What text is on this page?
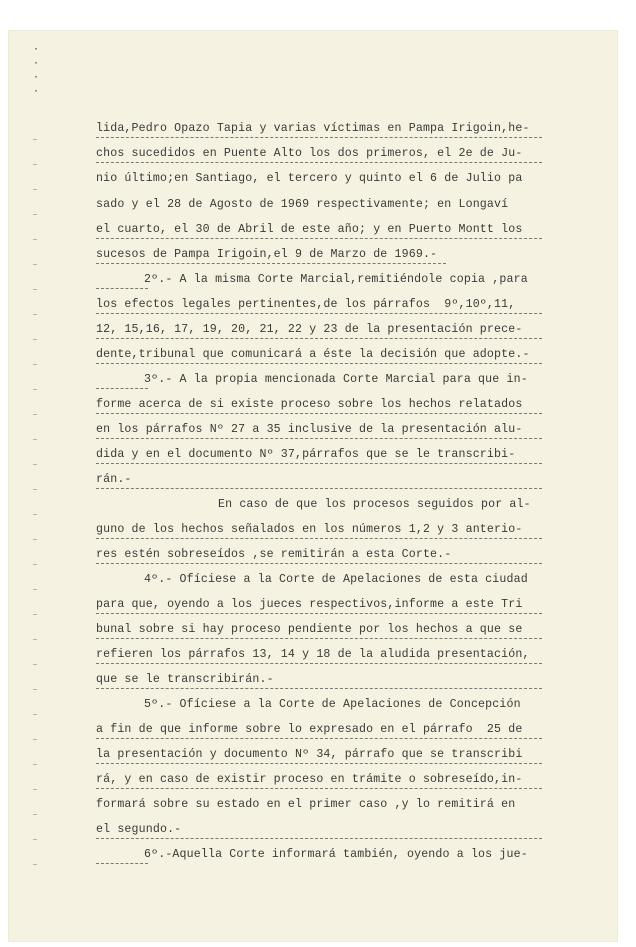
·
·
·
·
lida,Pedro Opazo Tapia y varias víctimas en Pampa Irigoin,he-
chos sucedidos en Puente Alto los dos primeros, el 2e de Ju-
nio último;en Santiago, el tercero y quinto el 6 de Julio pa
sado y el 28 de Agosto de 1969 respectivamente; en Longaví
el cuarto, el 30 de Abril de este año; y en Puerto Montt los
sucesos de Pampa Irigoin,el 9 de Marzo de 1969.-
2º.- A la misma Corte Marcial,remitiéndole copia ,para
los efectos legales pertinentes,de los párrafos  9º,10º,11,
12, 15,16, 17, 19, 20, 21, 22 y 23 de la presentación prece-
dente,tribunal que comunicará a éste la decisión que adopte.-
3º.- A la propia mencionada Corte Marcial para que in-
forme acerca de si existe proceso sobre los hechos relatados
en los párrafos Nº 27 a 35 inclusive de la presentación alu-
dida y en el documento Nº 37,párrafos que se le transcribi-
rán.-
En caso de que los procesos seguidos por al-
guno de los hechos señalados en los números 1,2 y 3 anterio-
res estén sobreseídos ,se remitirán a esta Corte.-
4º.- Ofíciese a la Corte de Apelaciones de esta ciudad
para que, oyendo a los jueces respectivos,informe a este Tri
bunal sobre si hay proceso pendiente por los hechos a que se
refieren los párrafos 13, 14 y 18 de la aludida presentación,
que se le transcribirán.-
5º.- Ofíciese a la Corte de Apelaciones de Concepción
a fin de que informe sobre lo expresado en el párrafo  25 de
la presentación y documento Nº 34, párrafo que se transcribi
rá, y en caso de existir proceso en trámite o sobreseído,in-
formará sobre su estado en el primer caso ,y lo remitirá en
el segundo.-
6º.-Aquella Corte informará también, oyendo a los jue-
